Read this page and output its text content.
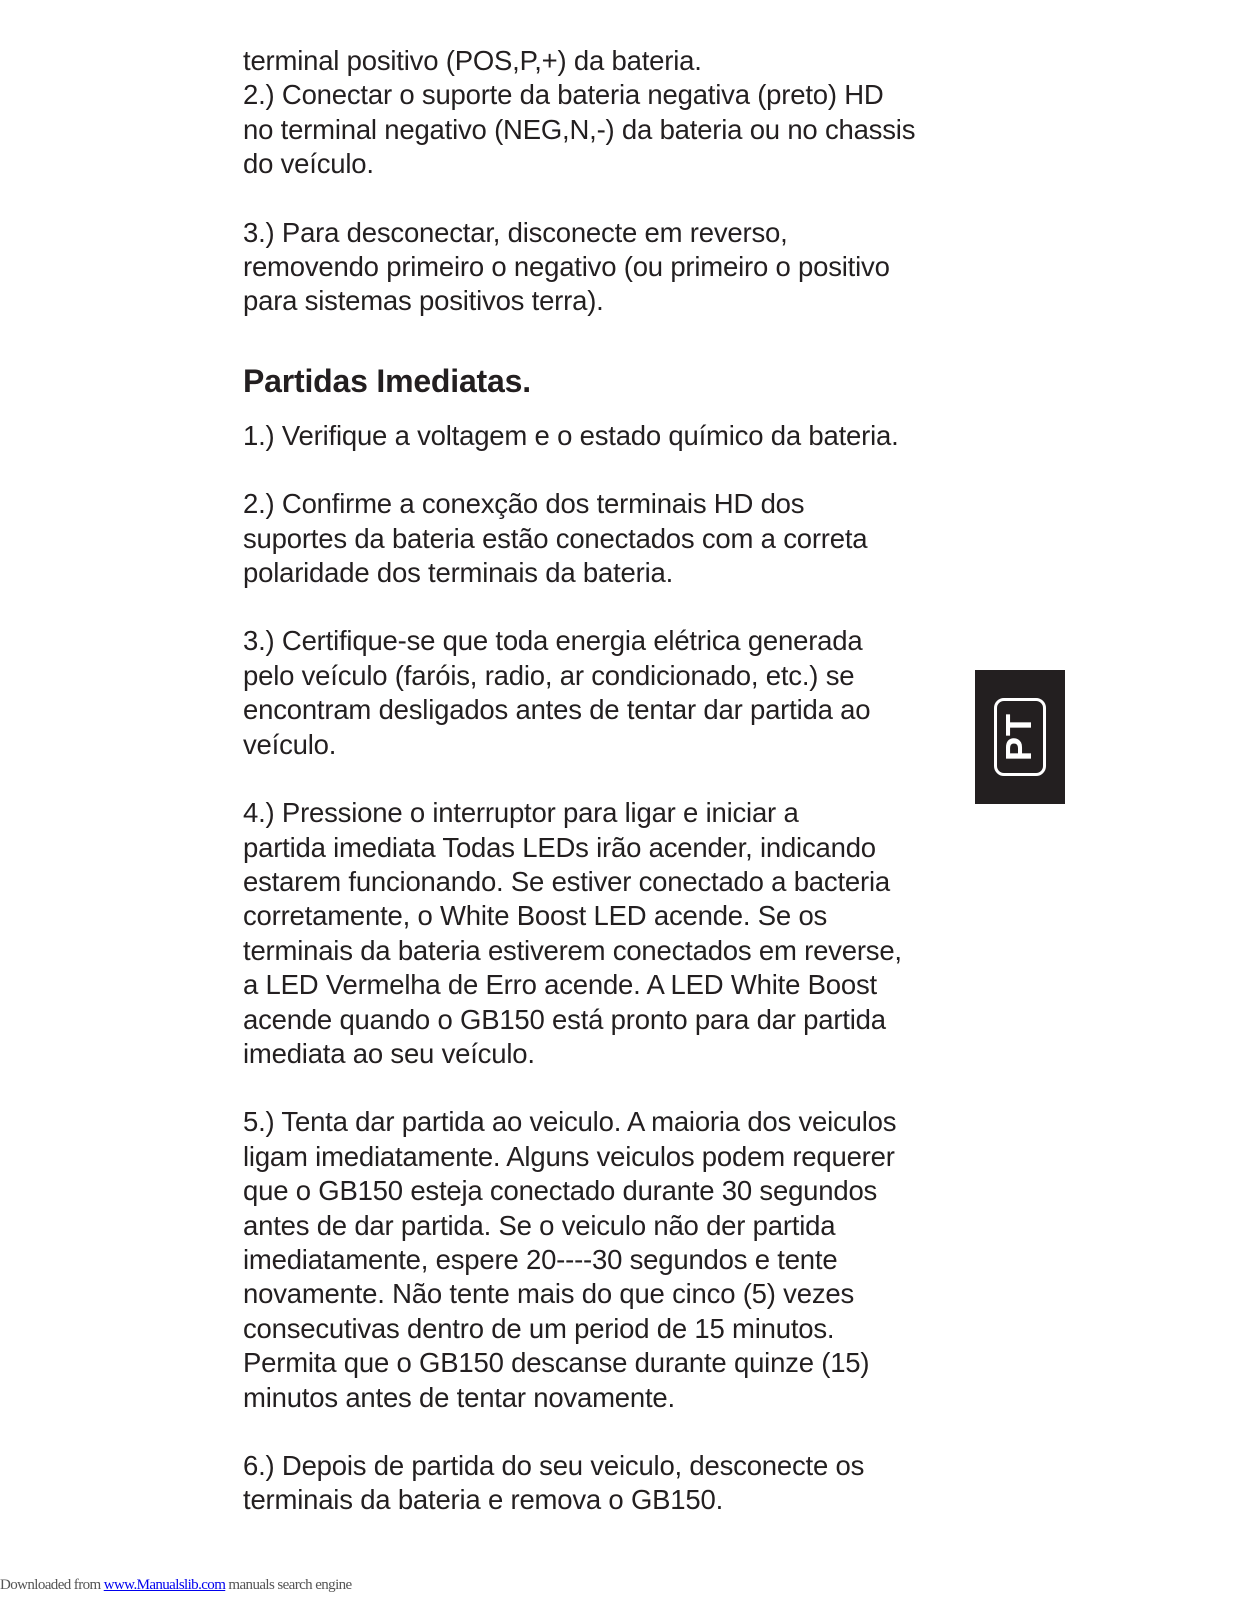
terminal positivo (POS,P,+) da bateria.
2.) Conectar o suporte da bateria negativa (preto) HD
no terminal negativo (NEG,N,-) da bateria ou no chassis
do veículo.

3.) Para desconectar, disconecte em reverso,
removendo primeiro o negativo (ou primeiro o positivo
para sistemas positivos terra).

Partidas Imediatas.

1.) Verifique a voltagem e o estado químico da bateria.

2.) Confirme a conexção dos terminais HD dos
suportes da bateria estão conectados com a correta
polaridade dos terminais da bateria.

3.) Certifique-se que toda energia elétrica generada
pelo veículo (faróis, radio, ar condicionado, etc.) se
encontram desligados antes de tentar dar partida ao
veículo.

4.) Pressione o interruptor para ligar e iniciar a
partida imediata Todas LEDs irão acender, indicando
estarem funcionando. Se estiver conectado a bacteria
corretamente, o White Boost LED acende. Se os
terminais da bateria estiverem conectados em reverse,
a LED Vermelha de Erro acende. A LED White Boost
acende quando o GB150 está pronto para dar partida
imediata ao seu veículo.

5.) Tenta dar partida ao veiculo. A maioria dos veiculos
ligam imediatamente. Alguns veiculos podem requerer
que o GB150 esteja conectado durante 30 segundos
antes de dar partida. Se o veiculo não der partida
imediatamente, espere 20----30 segundos e tente
novamente. Não tente mais do que cinco (5) vezes
consecutivas dentro de um period de 15 minutos.
Permita que o GB150 descanse durante quinze (15)
minutos antes de tentar novamente.

6.) Depois de partida do seu veiculo, desconecte os
terminais da bateria e remova o GB150.

PT
Downloaded from www.Manualslib.com manuals search engine
